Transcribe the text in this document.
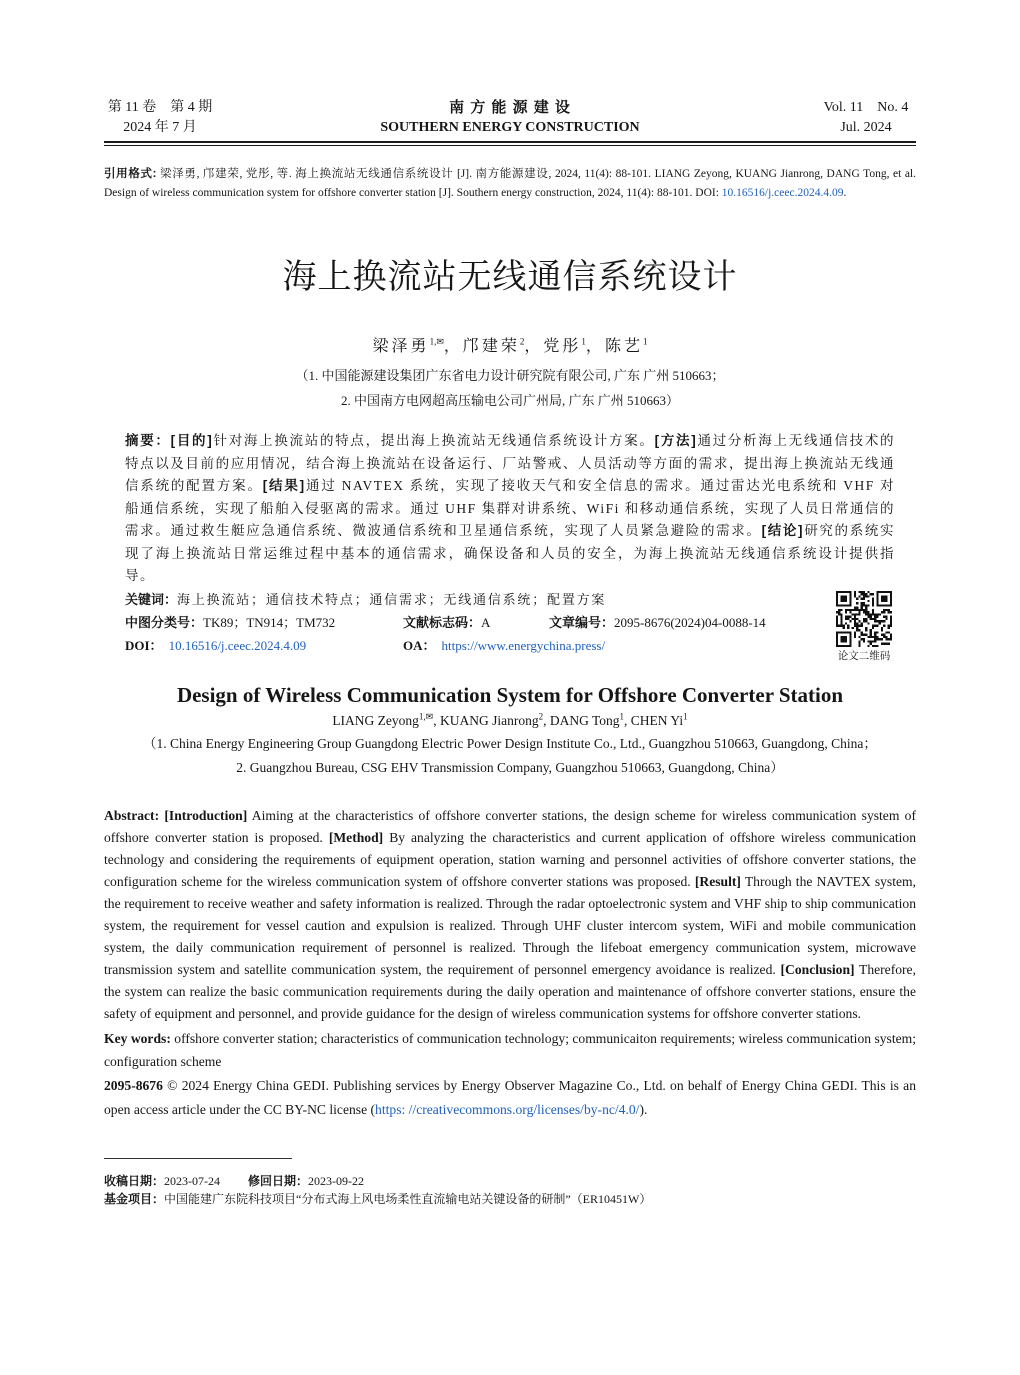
第 11 卷　第 4 期
2024 年 7 月
南 方 能 源 建 设
SOUTHERN ENERGY CONSTRUCTION
Vol. 11　No. 4
Jul. 2024
引用格式: 梁泽勇, 邝建荣, 党彤, 等. 海上换流站无线通信系统设计 [J]. 南方能源建设, 2024, 11(4): 88-101. LIANG Zeyong, KUANG Jianrong, DANG Tong, et al. Design of wireless communication system for offshore converter station [J]. Southern energy construction, 2024, 11(4): 88-101. DOI: 10.16516/j.ceec.2024.4.09.
海上换流站无线通信系统设计
梁泽勇$^{1,✉}$，邝建荣$^2$，党彤$^1$，陈艺$^1$
（1. 中国能源建设集团广东省电力设计研究院有限公司, 广东 广州 510663；
2. 中国南方电网超高压输电公司广州局, 广东 广州 510663）
摘要：[目的]针对海上换流站的特点，提出海上换流站无线通信系统设计方案。[方法]通过分析海上无线通信技术的特点以及目前的应用情况，结合海上换流站在设备运行、厂站警戒、人员活动等方面的需求，提出海上换流站无线通信系统的配置方案。[结果]通过 NAVTEX 系统，实现了接收天气和安全信息的需求。通过雷达光电系统和 VHF 对船通信系统，实现了船舶入侵驱离的需求。通过 UHF 集群对讲系统、WiFi 和移动通信系统，实现了人员日常通信的需求。通过救生艇应急通信系统、微波通信系统和卫星通信系统，实现了人员紧急避险的需求。[结论]研究的系统实现了海上换流站日常运维过程中基本的通信需求，确保设备和人员的安全，为海上换流站无线通信系统设计提供指导。
关键词：海上换流站；通信技术特点；通信需求；无线通信系统；配置方案
中图分类号：TK89；TN914；TM732	文献标志码：A	文章编号：2095-8676(2024)04-0088-14
DOI： 10.16516/j.ceec.2024.4.09	OA： https://www.energychina.press/
论文二维码
Design of Wireless Communication System for Offshore Converter Station
LIANG Zeyong$^{1,✉}$, KUANG Jianrong$^2$, DANG Tong$^1$, CHEN Yi$^1$
（1. China Energy Engineering Group Guangdong Electric Power Design Institute Co., Ltd., Guangzhou 510663, Guangdong, China；
2. Guangzhou Bureau, CSG EHV Transmission Company, Guangzhou 510663, Guangdong, China）
Abstract: [Introduction] Aiming at the characteristics of offshore converter stations, the design scheme for wireless communication system of offshore converter station is proposed. [Method] By analyzing the characteristics and current application of offshore wireless communication technology and considering the requirements of equipment operation, station warning and personnel activities of offshore converter stations, the configuration scheme for the wireless communication system of offshore converter stations was proposed. [Result] Through the NAVTEX system, the requirement to receive weather and safety information is realized. Through the radar optoelectronic system and VHF ship to ship communication system, the requirement for vessel caution and expulsion is realized. Through UHF cluster intercom system, WiFi and mobile communication system, the daily communication requirement of personnel is realized. Through the lifeboat emergency communication system, microwave transmission system and satellite communication system, the requirement of personnel emergency avoidance is realized. [Conclusion] Therefore, the system can realize the basic communication requirements during the daily operation and maintenance of offshore converter stations, ensure the safety of equipment and personnel, and provide guidance for the design of wireless communication systems for offshore converter stations.
Key words: offshore converter station; characteristics of communication technology; communicaiton requirements; wireless communication system; configuration scheme
2095-8676 © 2024 Energy China GEDI. Publishing services by Energy Observer Magazine Co., Ltd. on behalf of Energy China GEDI. This is an open access article under the CC BY-NC license (https: //creativecommons.org/licenses/by-nc/4.0/).
收稿日期：2023-07-24 修回日期：2023-09-22
基金项目：中国能建广东院科技项目“分布式海上风电场柔性直流输电站关键设备的研制”（ER10451W）
